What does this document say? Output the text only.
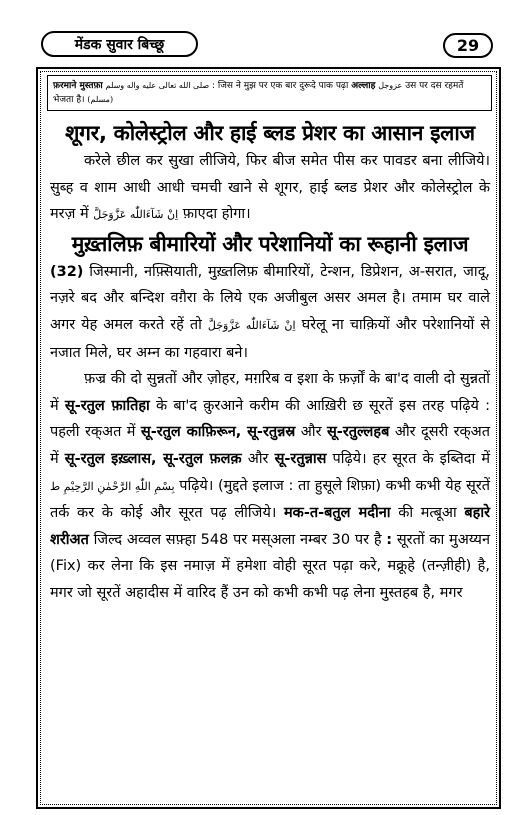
मेंडक सुवार बिच्छू	29
फ़रमाने मुस्तफ़ा صلى الله تعالى عليه واله وسلم : जिस ने मुझ पर एक बार दुरूदे पाक पढ़ा अल्लाह عزوجل उस पर दस रहमतें भेजता है। (مسلم)
शूगर, कोलेस्ट्रोल और हाई ब्लड प्रेशर का आसान इलाज

करेले छील कर सुखा लीजिये, फिर बीज समेत पीस कर पावडर बना लीजिये। सुब्ह व शाम आधी आधी चमची खाने से शूगर, हाई ब्लड प्रेशर और कोलेस्ट्रोल के मरज़ में اِنْ شَآءَاللّٰه عَزَّوَجَلَّ फ़ाएदा होगा।

मुख़्तलिफ़ बीमारियों और परेशानियों का रूहानी इलाज

(32) जिस्मानी, नफ़्सियाती, मुख़्तलिफ़ बीमारियों, टेन्शन, डिप्रेशन, अ-सरात, जादू, नज़रे बद और बन्दिश वग़ैरा के लिये एक अजीबुल असर अमल है। तमाम घर वाले अगर येह अमल करते रहें तो اِنْ شَآءَاللّٰه عَزَّوَجَلَّ घरेलू ना चाक़ियों और परेशानियों से नजात मिले, घर अम्न का गहवारा बने।

फ़ज्र की दो सुन्नतों और ज़ोहर, मग़रिब व इशा के फ़र्ज़ों के बा'द वाली दो सुन्नतों में सू-रतुल फ़ातिहा के बा'द क़ुरआने करीम की आख़िरी छ सूरतें इस तरह पढ़िये : पहली रक्अत में सू-रतुल काफ़िरून, सू-रतुन्नस्र और सू-रतुल्लहब और दूसरी रक्अत में सू-रतुल इख़्लास, सू-रतुल फ़लक़ और सू-रतुन्नास पढ़िये। हर सूरत के इब्तिदा में بِسْمِ اللّٰهِ الرَّحْمٰنِ الرَّحِيْمِ ط पढ़िये। (मुद्दते इलाज : ता हुसूले शिफ़ा) कभी कभी येह सूरतें तर्क कर के कोई और सूरत पढ़ लीजिये। मक-त-बतुल मदीना की मत्बूआ बहारे शरीअत जिल्द अव्वल सफ़्हा 548 पर मस्अला नम्बर 30 पर है : सूरतों का मुअय्यन (Fix) कर लेना कि इस नमाज़ में हमेशा वोही सूरत पढ़ा करे, मक्रूहे (तन्ज़ीही) है, मगर जो सूरतें अहादीस में वारिद हैं उन को कभी कभी पढ़ लेना मुस्तहब है, मगर
